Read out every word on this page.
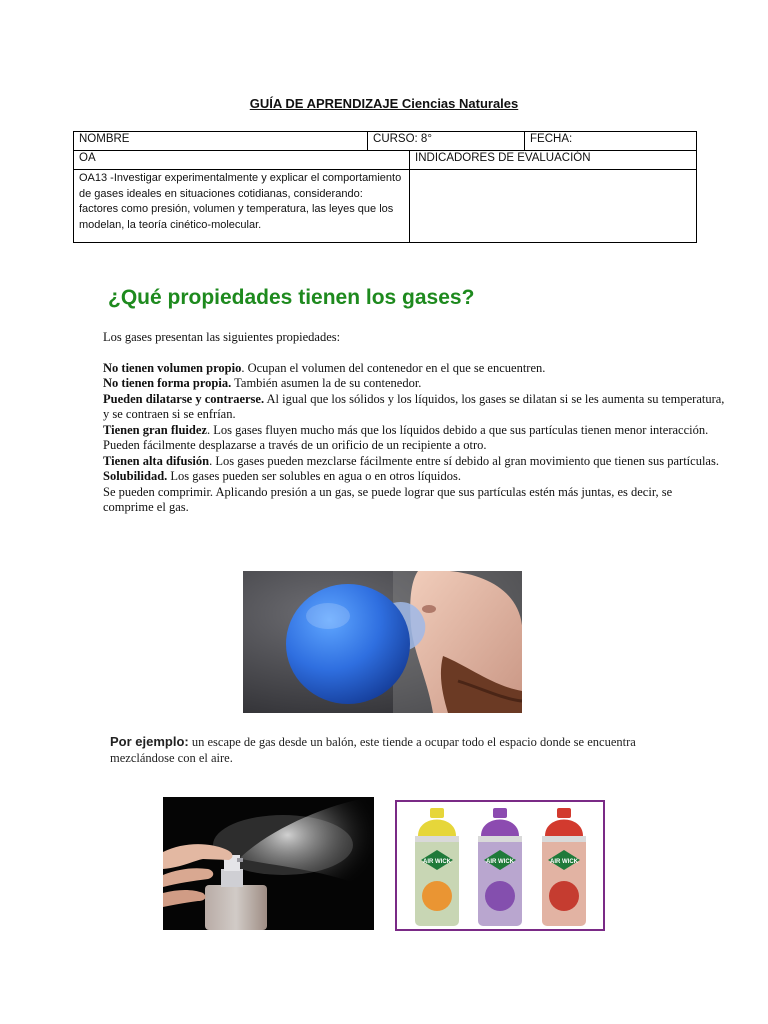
GUÍA DE APRENDIZAJE Ciencias Naturales
NOMBRE	CURSO: 8°		FECHA:
OA		INDICADORES DE EVALUACIÓN	
OA13 -Investigar experimentalmente y explicar el comportamiento de gases ideales en situaciones cotidianas, considerando: factores como presión, volumen y temperatura, las leyes que los modelan, la teoría cinético-molecular.			
¿Qué propiedades tienen los gases?

Los gases presentan las siguientes propiedades:

No tienen volumen propio. Ocupan el volumen del contenedor en el que se encuentren.

No tienen forma propia. También asumen la de su contenedor.

Pueden dilatarse y contraerse. Al igual que los sólidos y los líquidos, los gases se dilatan si se les aumenta su temperatura, y se contraen si se enfrían.

Tienen gran fluidez. Los gases fluyen mucho más que los líquidos debido a que sus partículas tienen menor interacción. Pueden fácilmente desplazarse a través de un orificio de un recipiente a otro.

Tienen alta difusión. Los gases pueden mezclarse fácilmente entre sí debido al gran movimiento que tienen sus partículas.

Solubilidad. Los gases pueden ser solubles en agua o en otros líquidos.

Se pueden comprimir. Aplicando presión a un gas, se puede lograr que sus partículas estén más juntas, es decir, se comprime el gas.

Por ejemplo: un escape de gas desde un balón, este tiende a ocupar todo el espacio donde se encuentra mezclándose con el aire.
AIR WICK	AIR WICK	AIR WICK
